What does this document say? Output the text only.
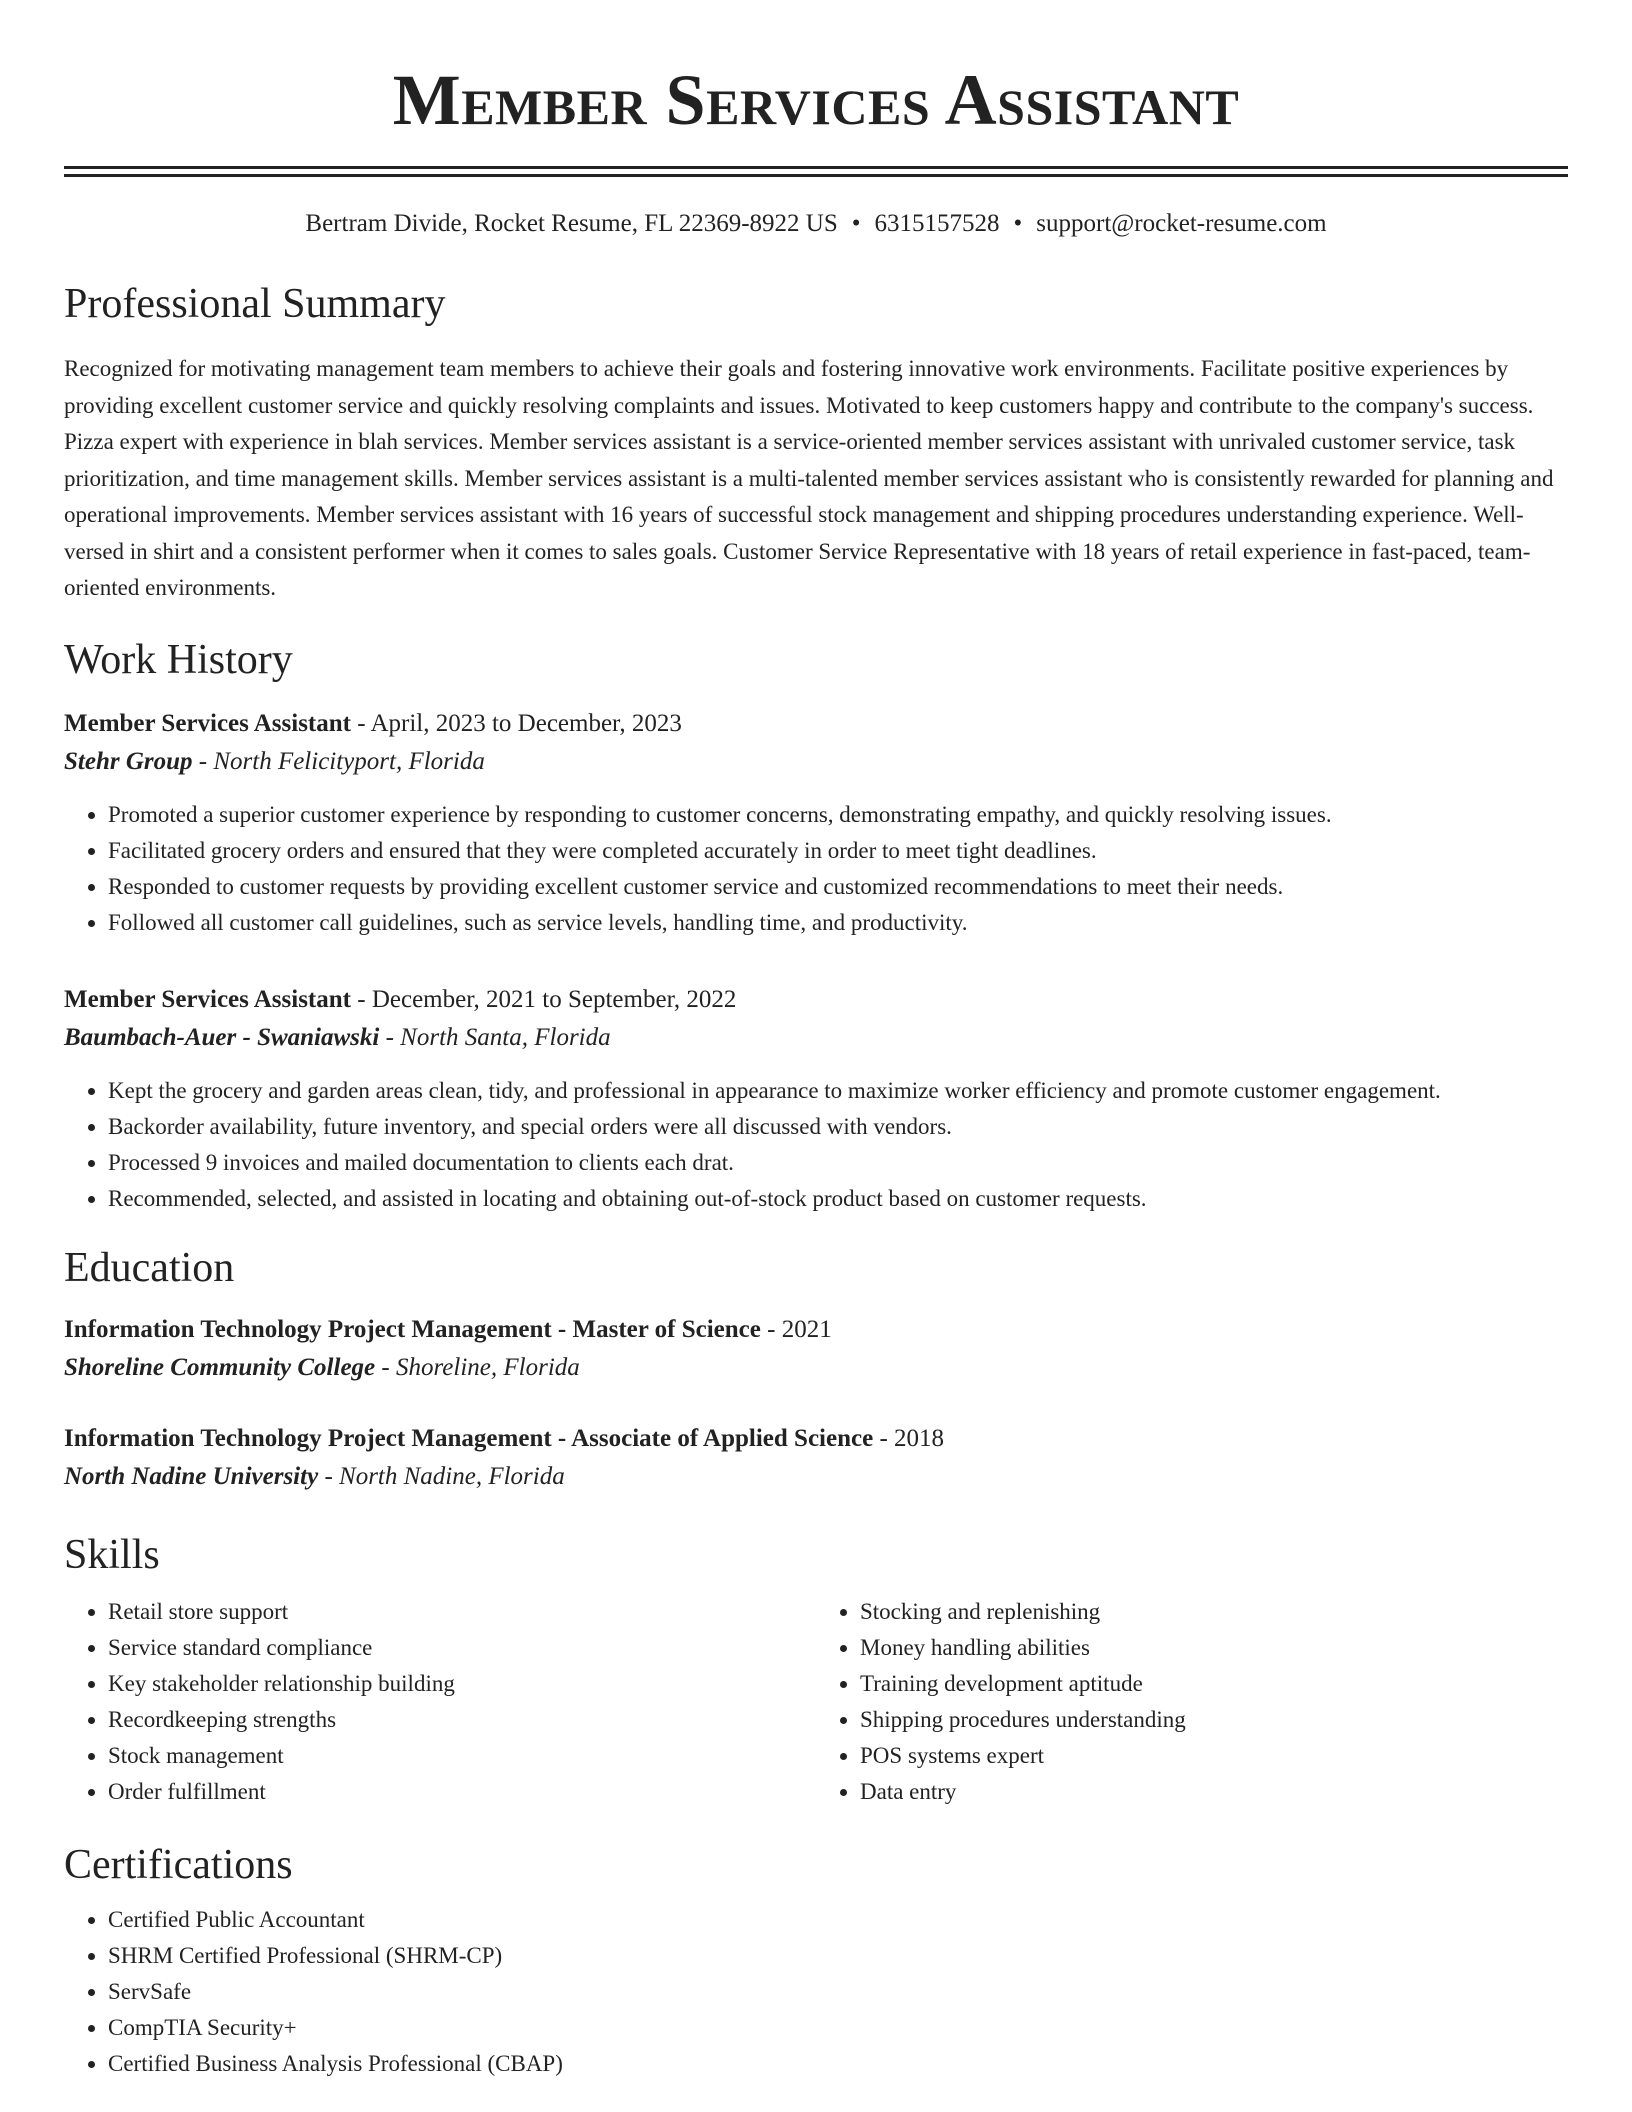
Member Services Assistant
Bertram Divide, Rocket Resume, FL 22369-8922 US • 6315157528 • support@rocket-resume.com
Professional Summary
Recognized for motivating management team members to achieve their goals and fostering innovative work environments. Facilitate positive experiences by providing excellent customer service and quickly resolving complaints and issues. Motivated to keep customers happy and contribute to the company's success. Pizza expert with experience in blah services. Member services assistant is a service-oriented member services assistant with unrivaled customer service, task prioritization, and time management skills. Member services assistant is a multi-talented member services assistant who is consistently rewarded for planning and operational improvements. Member services assistant with 16 years of successful stock management and shipping procedures understanding experience. Well-versed in shirt and a consistent performer when it comes to sales goals. Customer Service Representative with 18 years of retail experience in fast-paced, team-oriented environments.
Work History
Member Services Assistant - April, 2023 to December, 2023
Stehr Group - North Felicityport, Florida
• Promoted a superior customer experience by responding to customer concerns, demonstrating empathy, and quickly resolving issues.
• Facilitated grocery orders and ensured that they were completed accurately in order to meet tight deadlines.
• Responded to customer requests by providing excellent customer service and customized recommendations to meet their needs.
• Followed all customer call guidelines, such as service levels, handling time, and productivity.
Member Services Assistant - December, 2021 to September, 2022
Baumbach-Auer - Swaniawski - North Santa, Florida
• Kept the grocery and garden areas clean, tidy, and professional in appearance to maximize worker efficiency and promote customer engagement.
• Backorder availability, future inventory, and special orders were all discussed with vendors.
• Processed 9 invoices and mailed documentation to clients each drat.
• Recommended, selected, and assisted in locating and obtaining out-of-stock product based on customer requests.
Education
Information Technology Project Management - Master of Science - 2021
Shoreline Community College - Shoreline, Florida
Information Technology Project Management - Associate of Applied Science - 2018
North Nadine University - North Nadine, Florida
Skills
• Retail store support
• Service standard compliance
• Key stakeholder relationship building
• Recordkeeping strengths
• Stock management
• Order fulfillment
• Stocking and replenishing
• Money handling abilities
• Training development aptitude
• Shipping procedures understanding
• POS systems expert
• Data entry
Certifications
• Certified Public Accountant
• SHRM Certified Professional (SHRM-CP)
• ServSafe
• CompTIA Security+
• Certified Business Analysis Professional (CBAP)
